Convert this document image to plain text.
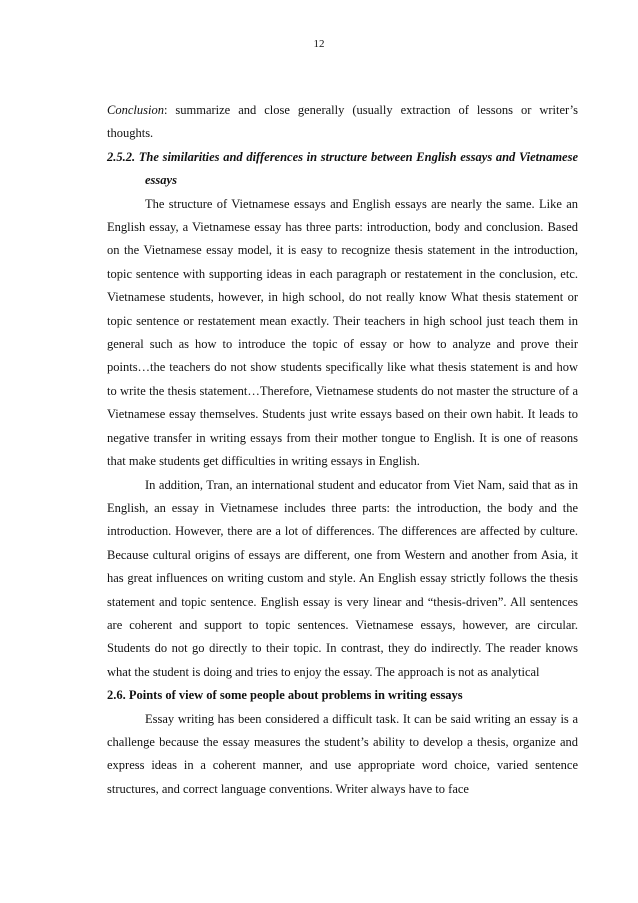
12

Conclusion: summarize and close generally (usually extraction of lessons or writer’s thoughts.

2.5.2. The similarities and differences in structure between English essays and Vietnamese essays

The structure of Vietnamese essays and English essays are nearly the same. Like an English essay, a Vietnamese essay has three parts: introduction, body and conclusion. Based on the Vietnamese essay model, it is easy to recognize thesis statement in the introduction, topic sentence with supporting ideas in each paragraph or restatement in the conclusion, etc. Vietnamese students, however, in high school, do not really know What thesis statement or topic sentence or restatement mean exactly. Their teachers in high school just teach them in general such as how to introduce the topic of essay or how to analyze and prove their points…the teachers do not show students specifically like what thesis statement is and how to write the thesis statement…Therefore, Vietnamese students do not master the structure of a Vietnamese essay themselves. Students just write essays based on their own habit. It leads to negative transfer in writing essays from their mother tongue to English. It is one of reasons that make students get difficulties in writing essays in English.

In addition, Tran, an international student and educator from Viet Nam, said that as in English, an essay in Vietnamese includes three parts: the introduction, the body and the introduction. However, there are a lot of differences. The differences are affected by culture. Because cultural origins of essays are different, one from Western and another from Asia, it has great influences on writing custom and style. An English essay strictly follows the thesis statement and topic sentence. English essay is very linear and “thesis-driven”. All sentences are coherent and support to topic sentences. Vietnamese essays, however, are circular. Students do not go directly to their topic. In contrast, they do indirectly. The reader knows what the student is doing and tries to enjoy the essay. The approach is not as analytical

2.6. Points of view of some people about problems in writing essays

Essay writing has been considered a difficult task. It can be said writing an essay is a challenge because the essay measures the student’s ability to develop a thesis, organize and express ideas in a coherent manner, and use appropriate word choice, varied sentence structures, and correct language conventions. Writer always have to face
